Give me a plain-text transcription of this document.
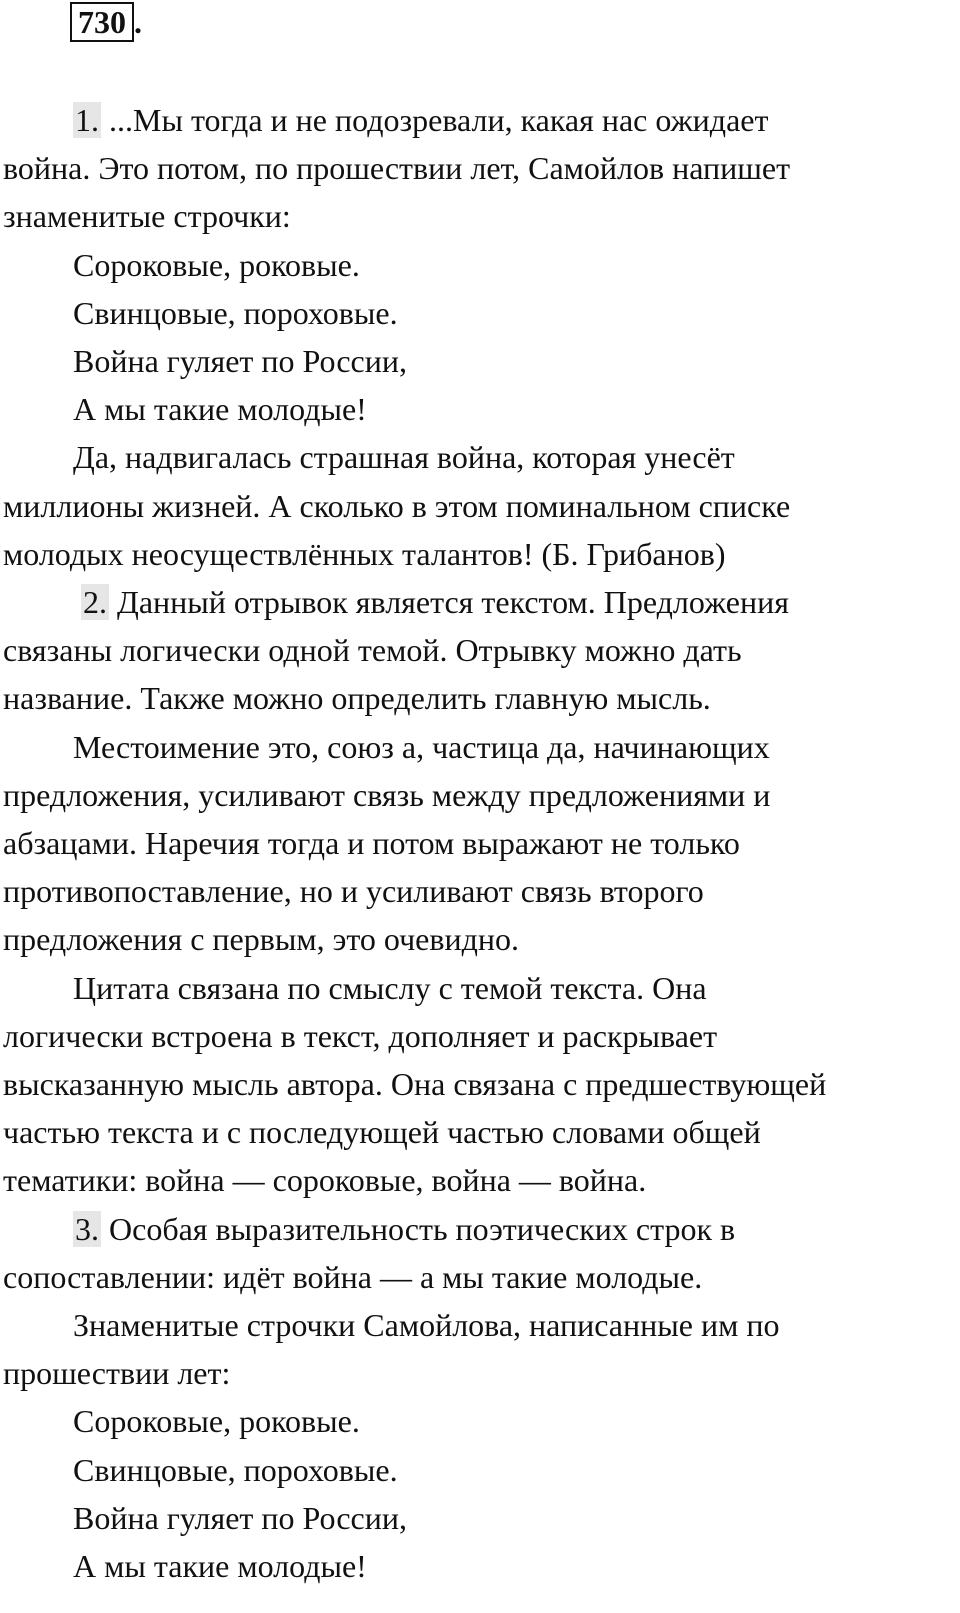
730 .

1. ...Мы тогда и не подозревали, какая нас ожидает

война. Это потом, по прошествии лет, Самойлов напишет

знаменитые строчки:

Сороковые, роковые.

Свинцовые, пороховые.

Война гуляет по России,

А мы такие молодые!

Да, надвигалась страшная война, которая унесёт

миллионы жизней. А сколько в этом поминальном списке

молодых неосуществлённых талантов! (Б. Грибанов)

2. Данный отрывок является текстом. Предложения

связаны логически одной темой. Отрывку можно дать

название. Также можно определить главную мысль.

Местоимение это, союз а, частица да, начинающих

предложения, усиливают связь между предложениями и

абзацами. Наречия тогда и потом выражают не только

противопоставление, но и усиливают связь второго

предложения с первым, это очевидно.

Цитата связана по смыслу с темой текста. Она

логически встроена в текст, дополняет и раскрывает

высказанную мысль автора. Она связана с предшествующей

частью текста и с последующей частью словами общей

тематики: война — сороковые, война — война.

3. Особая выразительность поэтических строк в

сопоставлении: идёт война — а мы такие молодые.

Знаменитые строчки Самойлова, написанные им по

прошествии лет:

Сороковые, роковые.

Свинцовые, пороховые.

Война гуляет по России,

А мы такие молодые!
